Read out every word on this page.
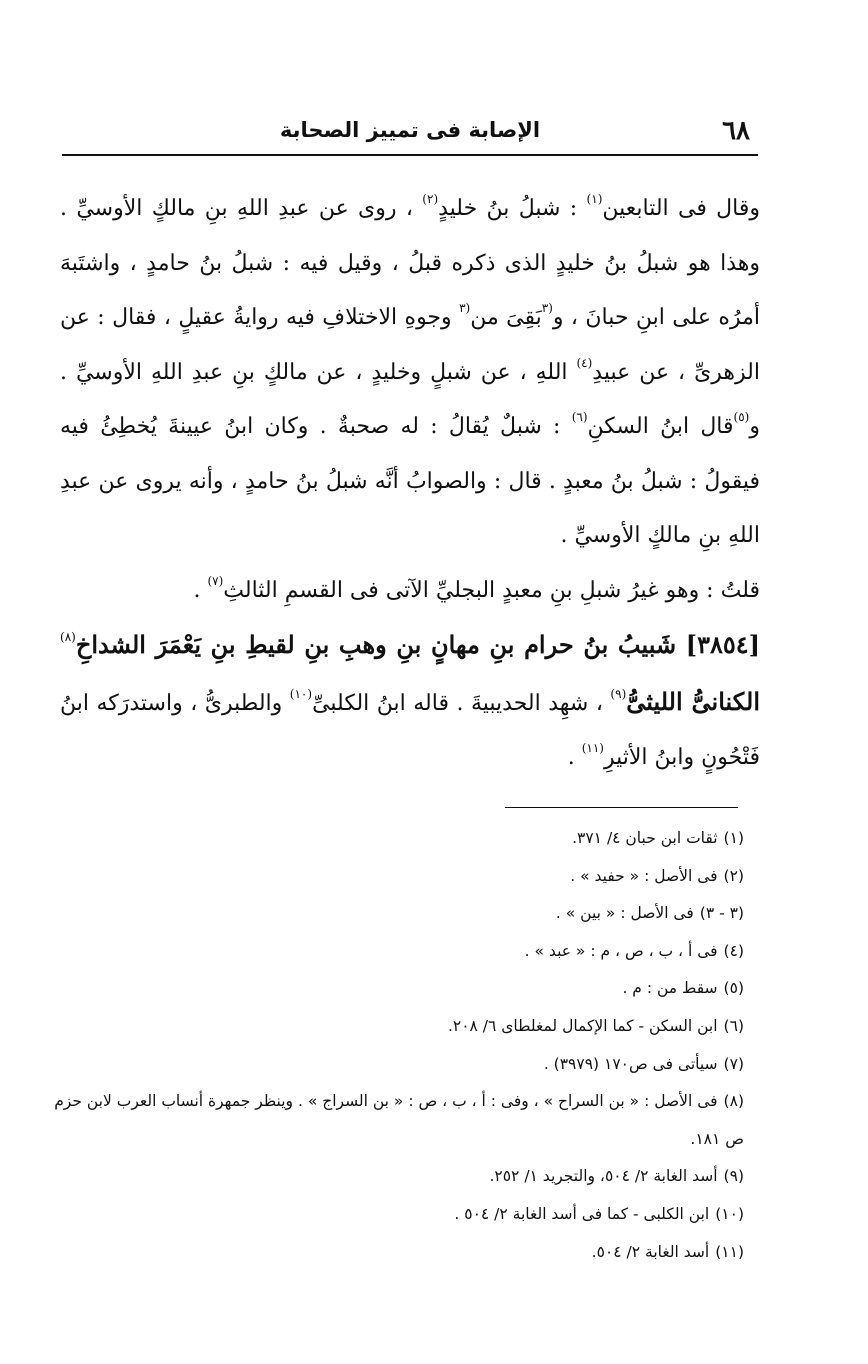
٦٨
الإصابة فى تمييز الصحابة

وقال فى التابعين$^{(١)}$ : شبلُ بنُ خليدٍ$^{(٢)}$ ، روى عن عبدِ اللهِ بنِ مالكٍ الأوسيِّ . وهذا هو شبلُ بنُ خليدٍ الذى ذكره قبلُ ، وقيل فيه : شبلُ بنُ حامدٍ ، واشتَبهَ أمرُه على ابنِ حبانَ ، و$^{(٣}$بَقِىَ من$^{(٣}$ وجوهِ الاختلافِ فيه روايةُ عقيلٍ ، فقال : عن الزهرىِّ ، عن عبيدِ$^{(٤)}$ اللهِ ، عن شبلٍ وخليدٍ ، عن مالكٍ بنِ عبدِ اللهِ الأوسيِّ . و$^{(٥)}$قال ابنُ السكنِ$^{(٦)}$ : شبلٌ يُقالُ : له صحبةٌ . وكان ابنُ عيينةَ يُخطِئُ فيه فيقولُ : شبلُ بنُ معبدٍ . قال : والصوابُ أنَّه شبلُ بنُ حامدٍ ، وأنه يروى عن عبدِ اللهِ بنِ مالكٍ الأوسيِّ .

قلتُ : وهو غيرُ شبلِ بنِ معبدٍ البجليِّ الآتى فى القسمِ الثالثِ$^{(٧)}$ .

[٣٨٥٤] شَبيبُ بنُ حرام بنِ مهانٍ بنِ وهبِ بنِ لقيطِ بنِ يَعْمَرَ الشداخِ$^{(٨)}$ الكنانىُّ الليثىُّ$^{(٩)}$ ، شهِد الحديبيةَ . قاله ابنُ الكلبىِّ$^{(١٠)}$ والطبرىُّ ، واستدرَكه ابنُ فَتْحُونٍ وابنُ الأثيرِ$^{(١١)}$ .

(١)ثقات ابن حبان ٤/ ٣٧١.
(٢)فى الأصل : « حفيد » .
(٣ - ٣)فى الأصل : « بين » .
(٤)فى أ ، ب ، ص ، م : « عبد » .
(٥)سقط من : م .
(٦)ابن السكن - كما الإكمال لمغلطاى ٦/ ٢٠٨.
(٧)سيأتى فى ص١٧٠ (٣٩٧٩) .
(٨)فى الأصل : « بن السراح » ، وفى : أ ، ب ، ص : « بن السراج » . وينظر جمهرة أنساب العرب لابن حزم ص ١٨١.
(٩)أسد الغابة ٢/ ٥٠٤، والتجريد ١/ ٢٥٢.
(١٠)ابن الكلبى - كما فى أسد الغابة ٢/ ٥٠٤ .
(١١)أسد الغابة ٢/ ٥٠٤.
